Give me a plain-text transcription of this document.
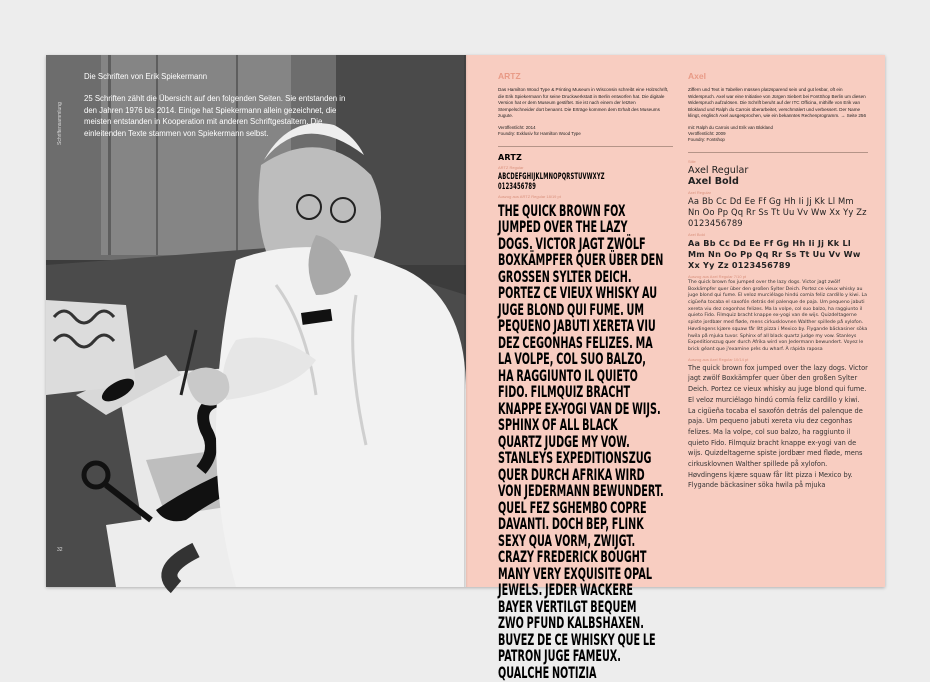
Die Schriften von Erik Spiekermann

25 Schriften zählt die Übersicht auf den folgenden Seiten. Sie entstanden in den Jahren 1976 bis 2014. Einige hat Spiekermann allein gezeichnet, die meisten entstanden in Kooperation mit anderen Schriftgestaltern. Die einleitenden Texte stammen von Spiekermann selbst.

Schriftensammlung
32
ARTZ

Das Hamilton Wood Type & Printing Museum in Wisconsin schreibt eine Holzschrift, die Erik Spiekermann für seine Druckwerkstatt in Berlin entworfen hat. Die digitale Version hat er dem Museum gestiftet. Sie ist nach einem der letzten Stempelschneider dort benannt. Die Erträge kommen dem Erhalt des Museums zugute.

Veröffentlicht: 2014
Foundry: Exklusiv für Hamilton Wood Type
ARTZ
ARTZ Regular
ABCDEFGHIJKLMNOPQRSTUVWXYZ
0123456789
Auszug aus ARTZ Regular 18/19 pt
THE QUICK BROWN FOX JUMPED OVER THE LAZY DOGS. VICTOR JAGT ZWÖLF BOXKÄMPFER QUER ÜBER DEN GROSSEN SYLTER DEICH. PORTEZ CE VIEUX WHISKY AU JUGE BLOND QUI FUME. UM PEQUENO JABUTI XERETA VIU DEZ CEGONHAS FELIZES. MA LA VOLPE, COL SUO BALZO, HA RAGGIUNTO IL QUIETO FIDO. FILMQUIZ BRACHT KNAPPE EX-YOGI VAN DE WIJS. SPHINX OF ALL BLACK QUARTZ JUDGE MY VOW. STANLEYS EXPEDITIONSZUG QUER DURCH AFRIKA WIRD VON JEDERMANN BEWUNDERT. QUEL FEZ SGHEMBO COPRE DAVANTI. DOCH BEP, FLINK SEXY QUA VORM, ZWIJGT. CRAZY FREDERICK BOUGHT MANY VERY EXQUISITE OPAL JEWELS. JEDER WACKERE BAYER VERTILGT BEQUEM ZWO PFUND KALBSHAXEN. BUVEZ DE CE WHISKY QUE LE PATRON JUGE FAMEUX. QUALCHE NOTIZIA
Axel

Ziffern und Text in Tabellen müssen platzsparend sein und gut lesbar, oft ein Widerspruch. Axel war eine Initiative von Jürgen Siebert bei FontShop Berlin um diesen Widerspruch aufzulösen. Die Schrift beruht auf der ITC Officina, mithilfe von Erik van Blokland und Ralph du Carrois überarbeitet, verschmälert und verbessert. Der Name klingt, englisch Axel ausgesprochen, wie ein bekanntes Rechenprogramm. → Seite 256

mit: Ralph du Carrois und Erik van Blokland
Veröffentlicht: 2009
Foundry: Fontshop
Stile
Axel Regular
Axel Bold
Axel Regular
Aa Bb Cc Dd Ee Ff Gg Hh Ii Jj Kk Ll Mm Nn Oo Pp Qq Rr Ss Tt Uu Vv Ww Xx Yy Zz 0123456789
Axel Bold
Aa Bb Cc Dd Ee Ff Gg Hh Ii Jj Kk Ll Mm Nn Oo Pp Qq Rr Ss Tt Uu Vv Ww Xx Yy Zz 0123456789
Auszug aus Axel Regular 7/10 pt
The quick brown fox jumped over the lazy dogs. Victor jagt zwölf Boxkämpfer quer über den großen Sylter Deich. Portez ce vieux whisky au juge blond qui fume. El veloz murciélago hindú comía feliz cardillo y kiwi. La cigüeña tocaba el saxofón detrás del palenque de paja. Um pequeno jabuti xereta viu dez cegonhas felizes. Ma la volpe, col suo balzo, ha raggiunto il quieto Fido. Filmquiz bracht knappe ex-yogi van de wijs. Quizdeltagerne spiste jordbær med fløde, mens cirkusklovnen Walther spillede på xylofon. Høvdingens kjære squaw får litt pizza i Mexico by. Flygande bäckasiner söka hwila på mjuka tuvor. Sphinx of all black quartz judge my vow. Stanleys Expeditionszug quer durch Afrika wird von Jedermann bewundert. Voyez le brick géant que j'examine près du wharf. À rápida raposa
Auszug aus Axel Regular 10/14 pt
The quick brown fox jumped over the lazy dogs. Victor jagt zwölf Boxkämpfer quer über den großen Sylter Deich. Portez ce vieux whisky au juge blond qui fume. El veloz murciélago hindú comía feliz cardillo y kiwi. La cigüeña tocaba el saxofón detrás del palenque de paja. Um pequeno jabuti xereta viu dez cegonhas felizes. Ma la volpe, col suo balzo, ha raggiunto il quieto Fido. Filmquiz bracht knappe ex-yogi van de wijs. Quizdeltagerne spiste jordbær med fløde, mens cirkusklovnen Walther spillede på xylofon. Høvdingens kjære squaw får litt pizza i Mexico by. Flygande bäckasiner söka hwila på mjuka
